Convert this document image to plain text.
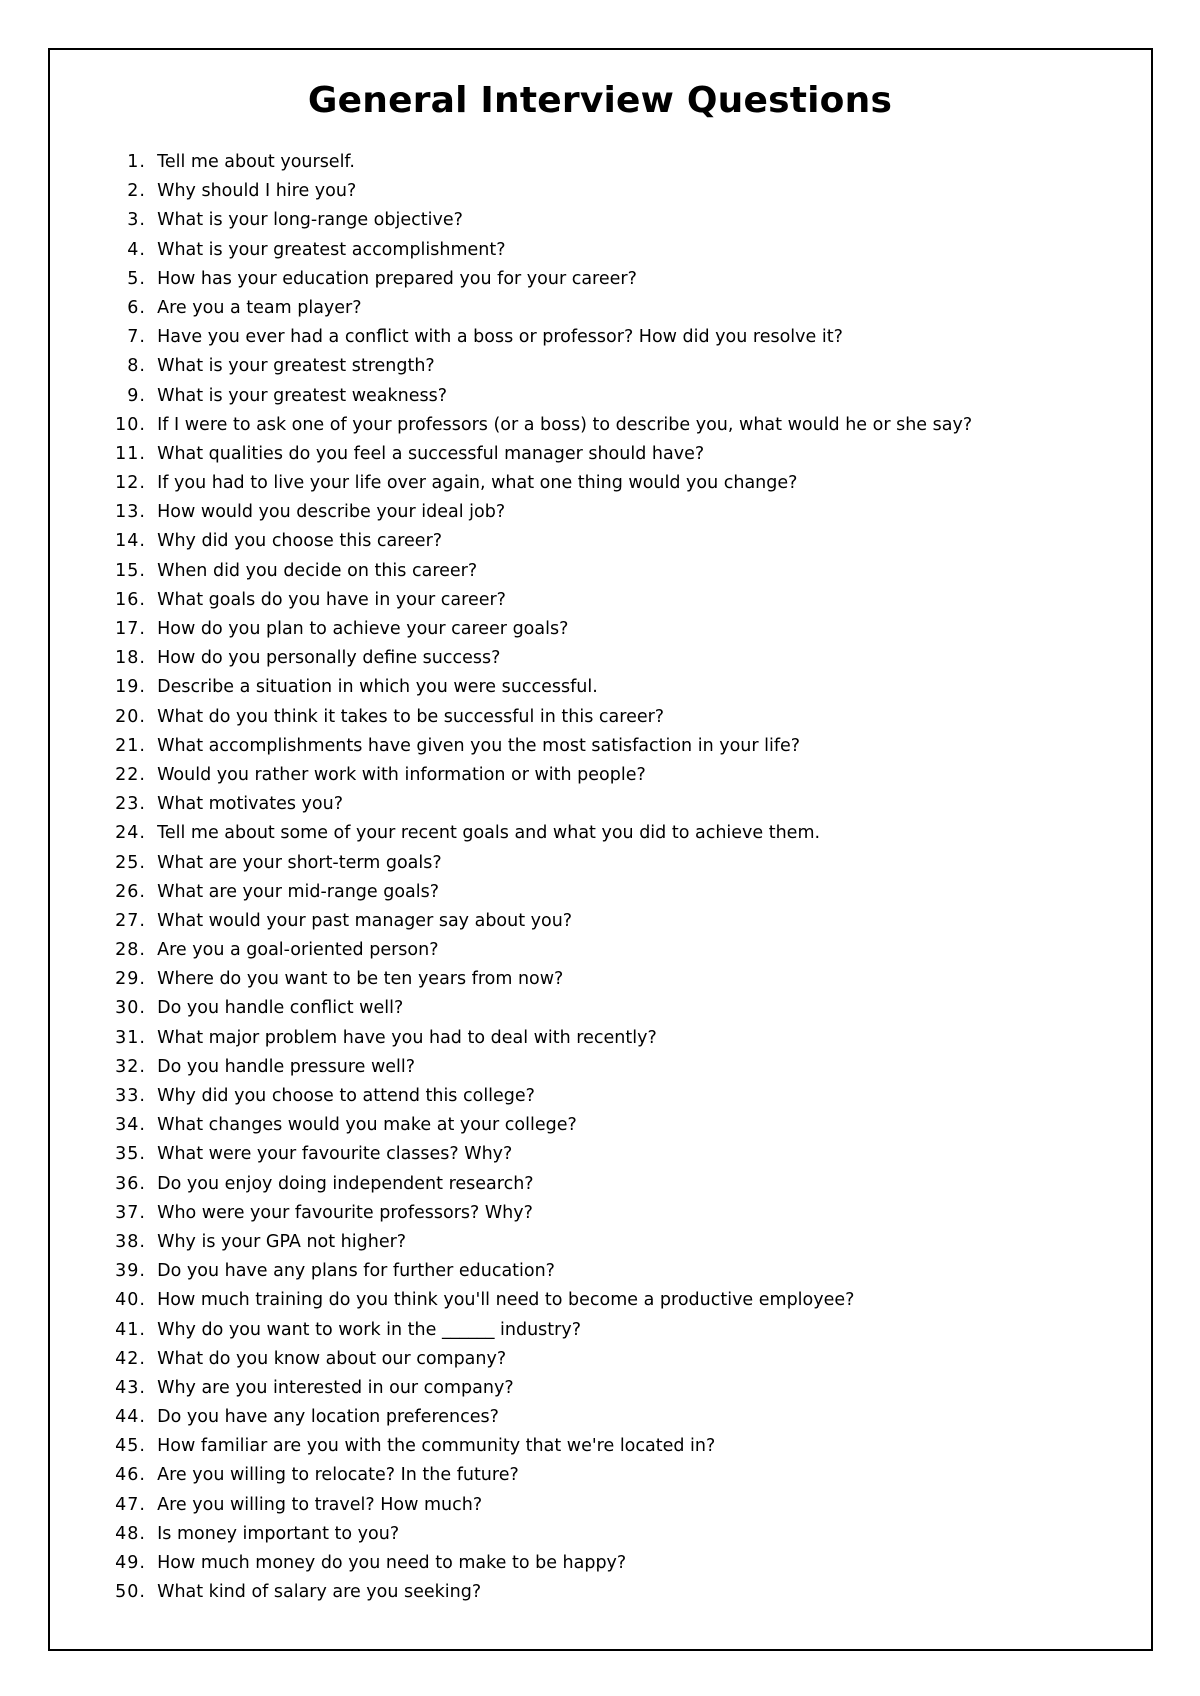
General Interview Questions
1. Tell me about yourself.
2. Why should I hire you?
3. What is your long-range objective?
4. What is your greatest accomplishment?
5. How has your education prepared you for your career?
6. Are you a team player?
7. Have you ever had a conflict with a boss or professor? How did you resolve it?
8. What is your greatest strength?
9. What is your greatest weakness?
10. If I were to ask one of your professors (or a boss) to describe you, what would he or she say?
11. What qualities do you feel a successful manager should have?
12. If you had to live your life over again, what one thing would you change?
13. How would you describe your ideal job?
14. Why did you choose this career?
15. When did you decide on this career?
16. What goals do you have in your career?
17. How do you plan to achieve your career goals?
18. How do you personally define success?
19. Describe a situation in which you were successful.
20. What do you think it takes to be successful in this career?
21. What accomplishments have given you the most satisfaction in your life?
22. Would you rather work with information or with people?
23. What motivates you?
24. Tell me about some of your recent goals and what you did to achieve them.
25. What are your short-term goals?
26. What are your mid-range goals?
27. What would your past manager say about you?
28. Are you a goal-oriented person?
29. Where do you want to be ten years from now?
30. Do you handle conflict well?
31. What major problem have you had to deal with recently?
32. Do you handle pressure well?
33. Why did you choose to attend this college?
34. What changes would you make at your college?
35. What were your favourite classes? Why?
36. Do you enjoy doing independent research?
37. Who were your favourite professors? Why?
38. Why is your GPA not higher?
39. Do you have any plans for further education?
40. How much training do you think you'll need to become a productive employee?
41. Why do you want to work in the ______ industry?
42. What do you know about our company?
43. Why are you interested in our company?
44. Do you have any location preferences?
45. How familiar are you with the community that we're located in?
46. Are you willing to relocate? In the future?
47. Are you willing to travel? How much?
48. Is money important to you?
49. How much money do you need to make to be happy?
50. What kind of salary are you seeking?
